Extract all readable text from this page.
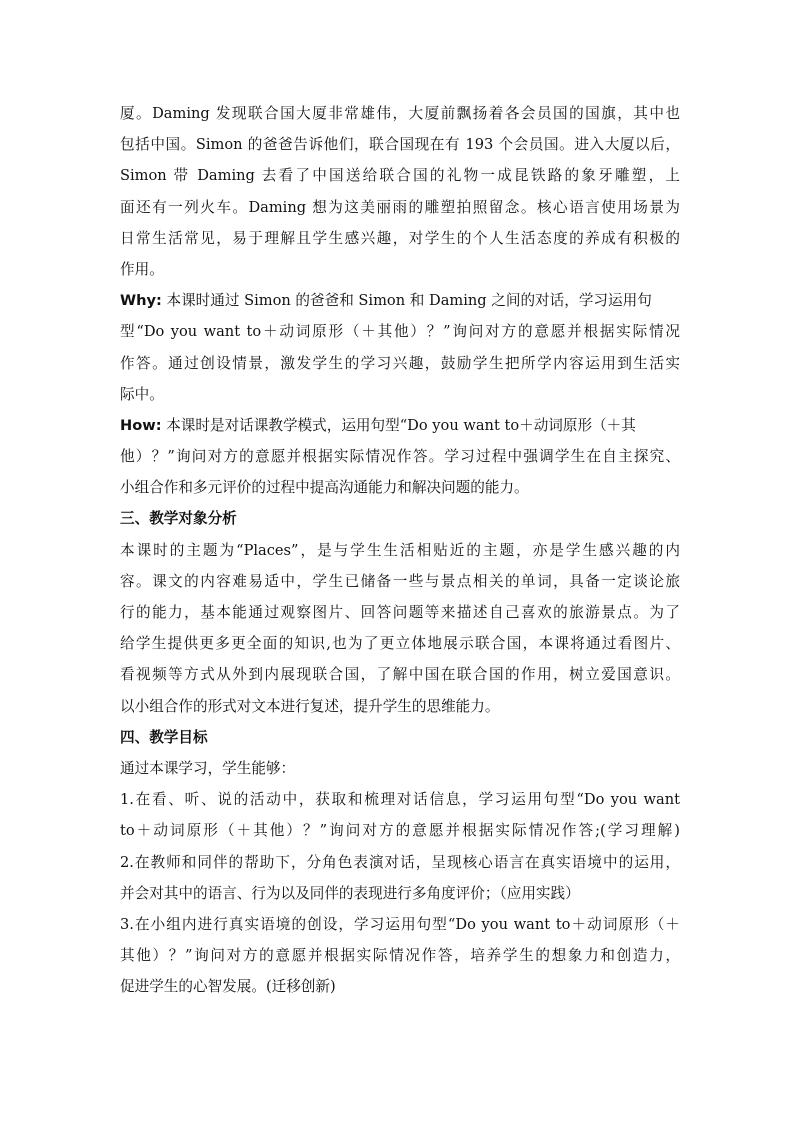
厦。Daming 发现联合国大厦非常雄伟，大厦前飘扬着各会员国的国旗，其中也
包括中国。Simon 的爸爸告诉他们，联合国现在有 193 个会员国。进入大厦以后，
Simon 带 Daming 去看了中国送给联合国的礼物一成昆铁路的象牙雕塑，上
面还有一列火车。Daming 想为这美丽雨的雕塑拍照留念。核心语言使用场景为
日常生活常见，易于理解且学生感兴趣，对学生的个人生活态度的养成有积极的
作用。
Why: 本课时通过 Simon 的爸爸和 Simon 和 Daming 之间的对话，学习运用句
型“Do you want to＋动词原形（＋其他）？”询问对方的意愿并根据实际情况
作答。通过创设情景，激发学生的学习兴趣，鼓励学生把所学内容运用到生活实
际中。
How: 本课时是对话课教学模式，运用句型“Do you want to＋动词原形（＋其
他）？”询问对方的意愿并根据实际情况作答。学习过程中强调学生在自主探究、
小组合作和多元评价的过程中提高沟通能力和解决问题的能力。
三、教学对象分析
本课时的主题为“Places”，是与学生生活相贴近的主题，亦是学生感兴趣的内
容。课文的内容难易适中，学生已储备一些与景点相关的单词，具备一定谈论旅
行的能力，基本能通过观察图片、回答问题等来描述自己喜欢的旅游景点。为了
给学生提供更多更全面的知识,也为了更立体地展示联合国，本课将通过看图片、
看视频等方式从外到内展现联合国，了解中国在联合国的作用，树立爱国意识。
以小组合作的形式对文本进行复述，提升学生的思维能力。
四、教学目标
通过本课学习，学生能够：
1.在看、听、说的活动中，获取和梳理对话信息，学习运用句型“Do you want
to＋动词原形（＋其他）？”询问对方的意愿并根据实际情况作答;(学习理解)
2.在教师和同伴的帮助下，分角色表演对话，呈现核心语言在真实语境中的运用，
并会对其中的语言、行为以及同伴的表现进行多角度评价；（应用实践）
3.在小组内进行真实语境的创设，学习运用句型“Do you want to＋动词原形（＋
其他）？”询问对方的意愿并根据实际情况作答，培养学生的想象力和创造力，
促进学生的心智发展。(迁移创新)
